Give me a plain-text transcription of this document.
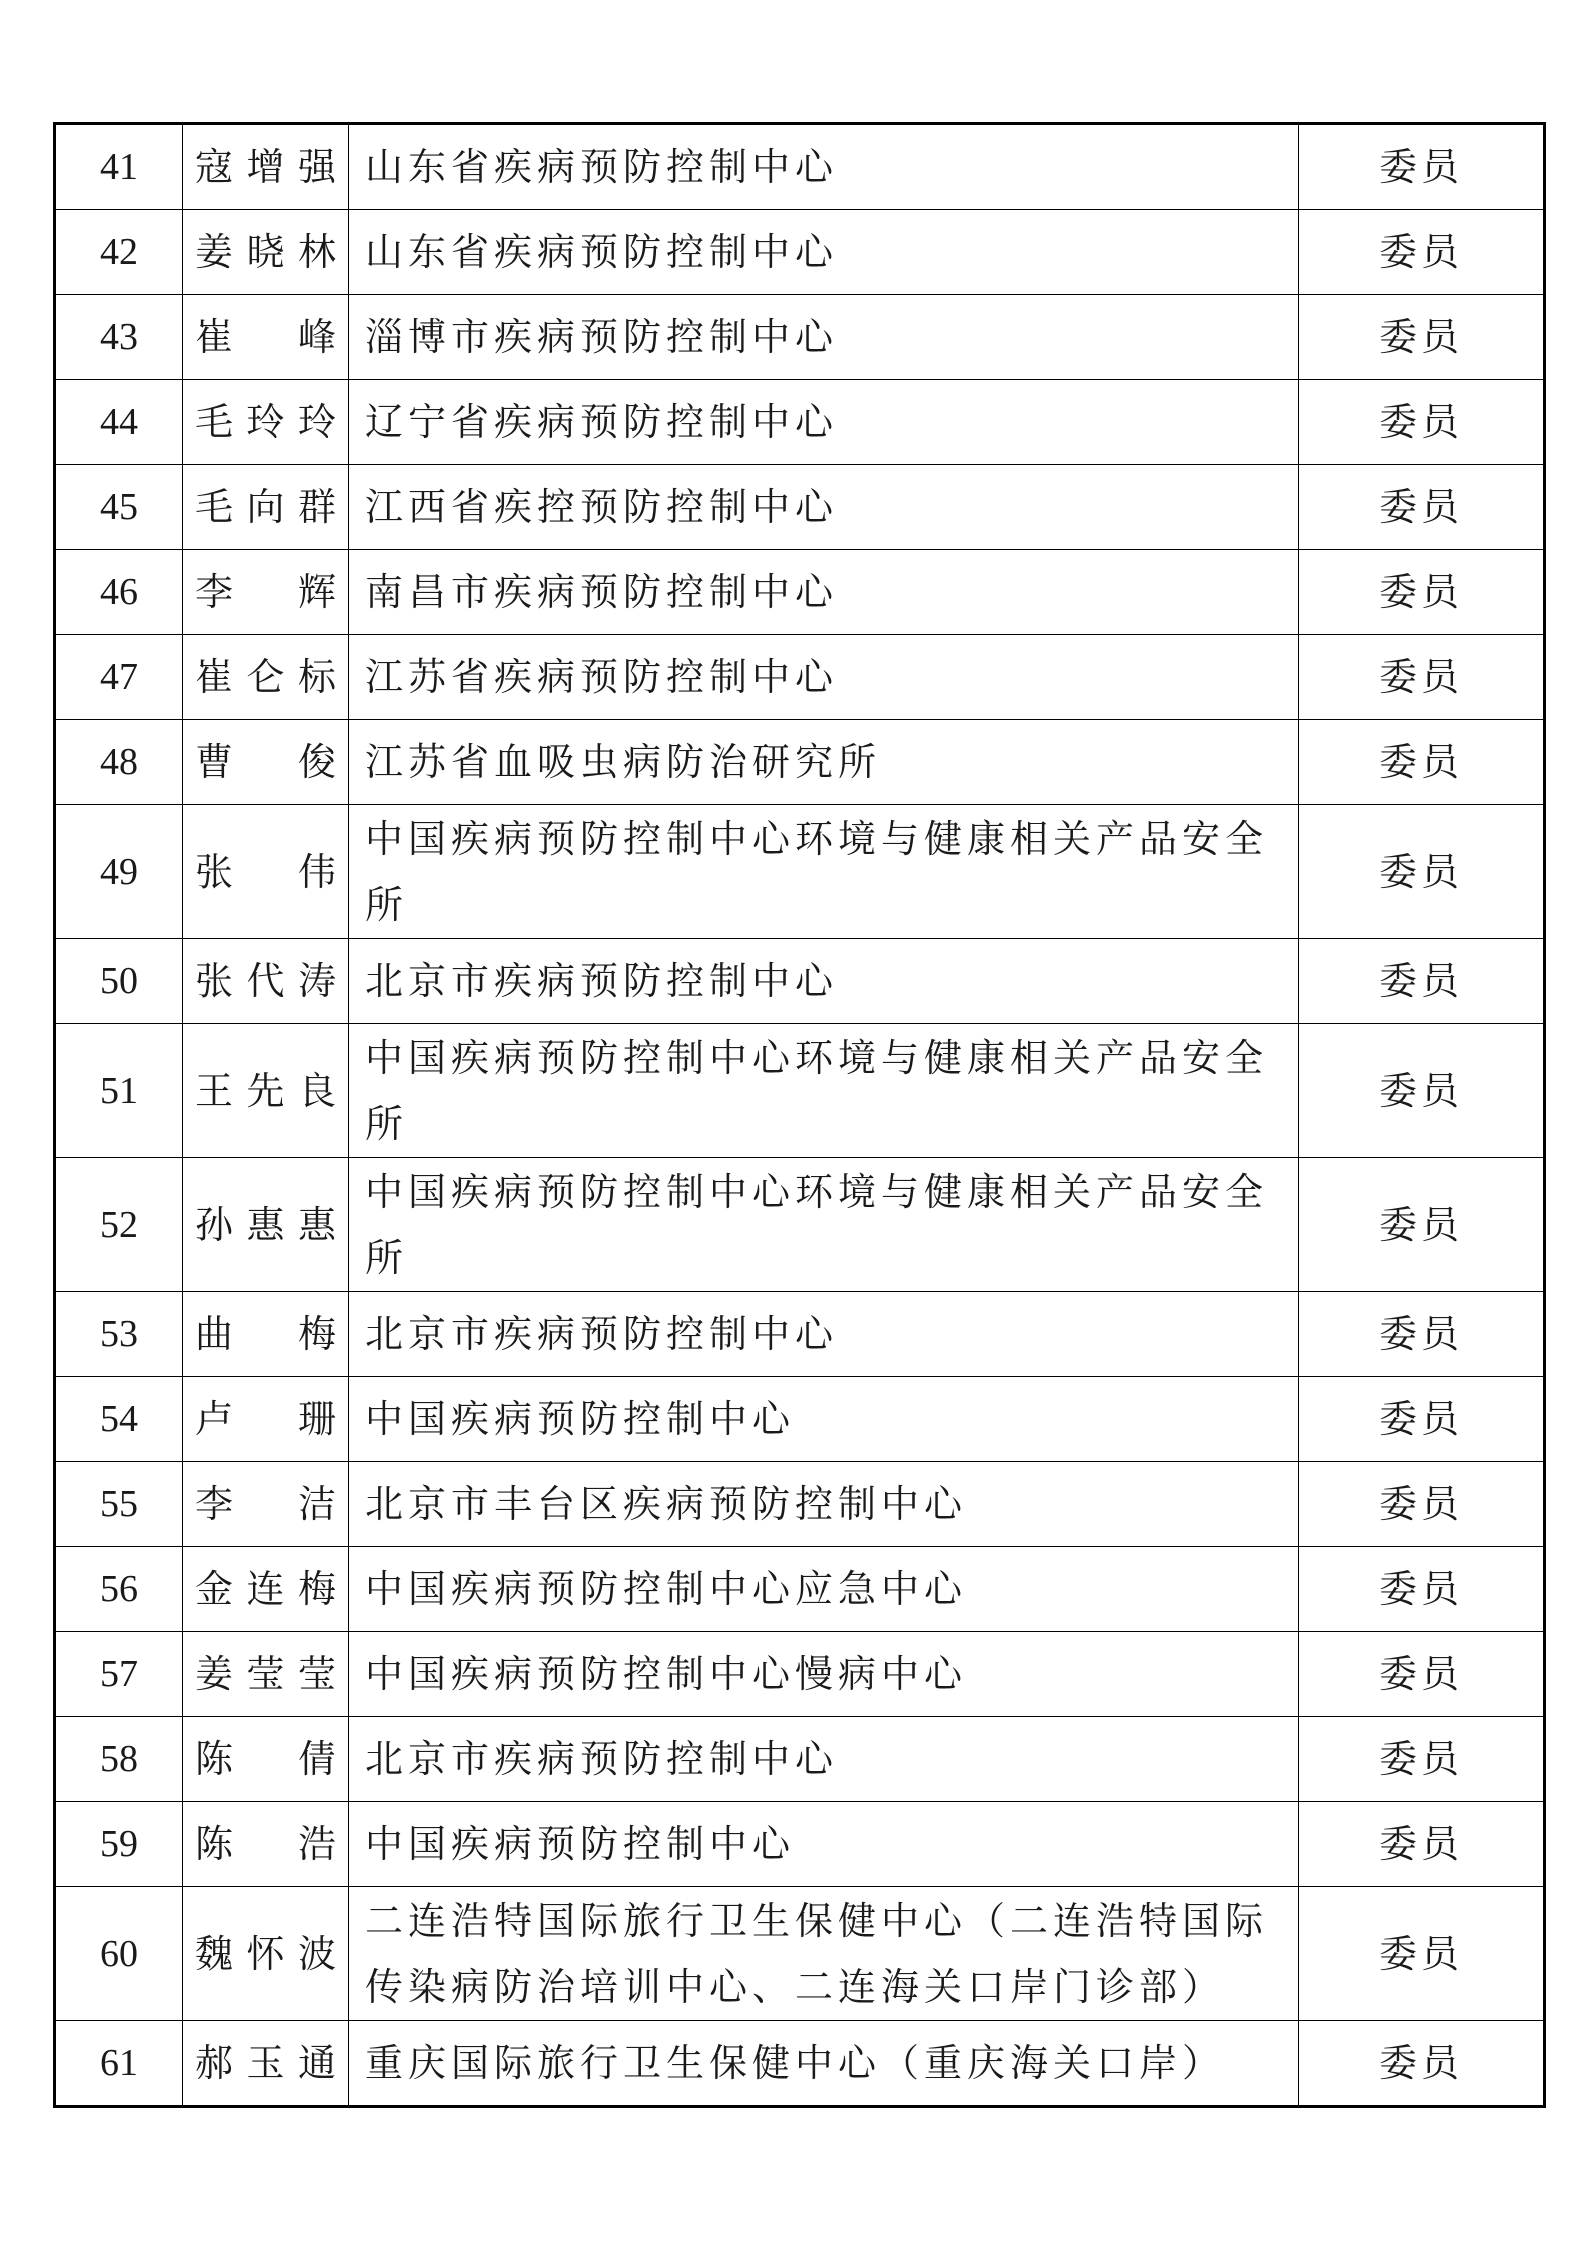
41	寇 增 强	山东省疾病预防控制中心	委员
42	姜 晓 林	山东省疾病预防控制中心	委员
43	崔 峰	淄博市疾病预防控制中心	委员
44	毛 玲 玲	辽宁省疾病预防控制中心	委员
45	毛 向 群	江西省疾控预防控制中心	委员
46	李 辉	南昌市疾病预防控制中心	委员
47	崔 仑 标	江苏省疾病预防控制中心	委员
48	曹 俊	江苏省血吸虫病防治研究所	委员
49	张 伟	中国疾病预防控制中心环境与健康相关产品安全所	委员
50	张 代 涛	北京市疾病预防控制中心	委员
51	王 先 良	中国疾病预防控制中心环境与健康相关产品安全所	委员
52	孙 惠 惠	中国疾病预防控制中心环境与健康相关产品安全所	委员
53	曲 梅	北京市疾病预防控制中心	委员
54	卢 珊	中国疾病预防控制中心	委员
55	李 洁	北京市丰台区疾病预防控制中心	委员
56	金 连 梅	中国疾病预防控制中心应急中心	委员
57	姜 莹 莹	中国疾病预防控制中心慢病中心	委员
58	陈 倩	北京市疾病预防控制中心	委员
59	陈 浩	中国疾病预防控制中心	委员
60	魏 怀 波	二连浩特国际旅行卫生保健中心（二连浩特国际传染病防治培训中心、二连海关口岸门诊部）	委员
61	郝 玉 通	重庆国际旅行卫生保健中心（重庆海关口岸）	委员
